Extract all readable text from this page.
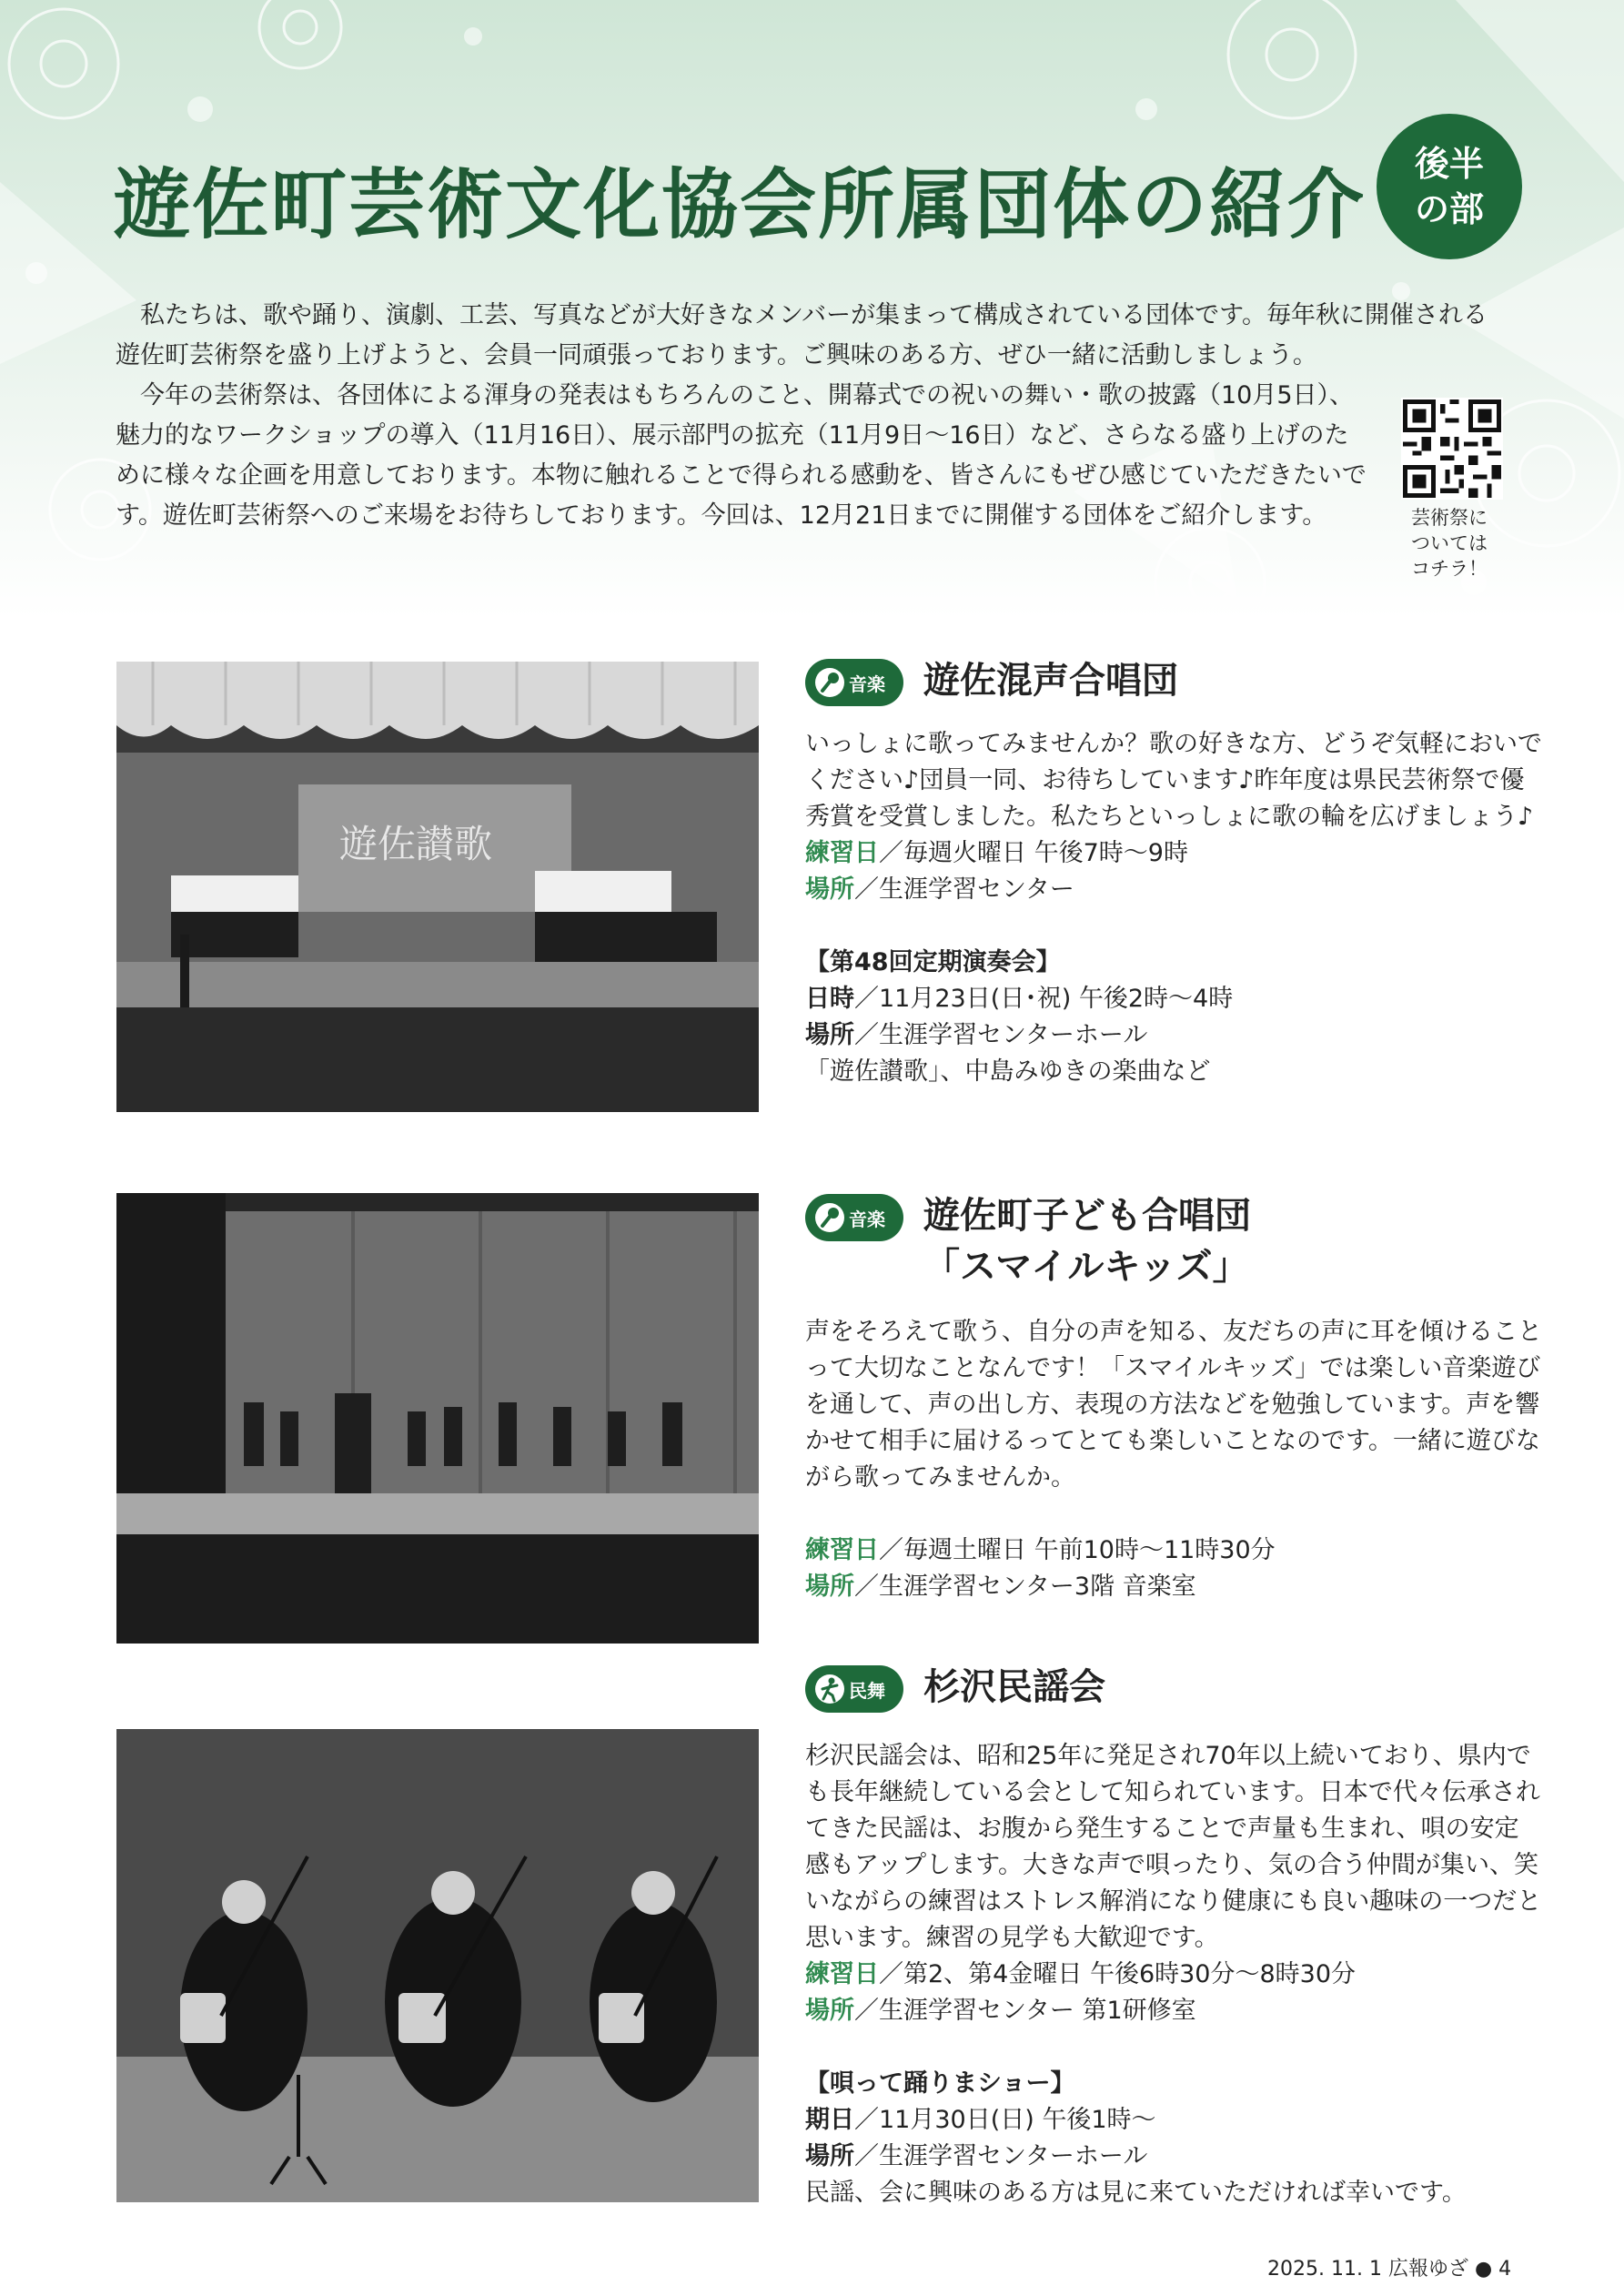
遊佐町芸術文化協会所属団体の紹介	後半
の部

　私たちは、歌や踊り、演劇、工芸、写真などが大好きなメンバーが集まって構成されている団体です。毎年秋に開催される遊佐町芸術祭を盛り上げようと、会員一同頑張っております。ご興味のある方、ぜひ一緒に活動しましょう。

　今年の芸術祭は、各団体による渾身の発表はもちろんのこと、開幕式での祝いの舞い・歌の披露（10月5日）、魅力的なワークショップの導入（11月16日）、展示部門の拡充（11月9日〜16日）など、さらなる盛り上げのために様々な企画を用意しております。本物に触れることで得られる感動を、皆さんにもぜひ感じていただきたいです。遊佐町芸術祭へのご来場をお待ちしております。今回は、12月21日までに開催する団体をご紹介します。	芸術祭に
ついては
コチラ！
遊佐讃歌
音楽 遊佐混声合唱団

いっしょに歌ってみませんか？歌の好きな方、どうぞ気軽においでください♪団員一同、お待ちしています♪昨年度は県民芸術祭で優秀賞を受賞しました。私たちといっしょに歌の輪を広げましょう♪

練習日／毎週火曜日 午後7時〜9時

場所／生涯学習センター

【第48回定期演奏会】

日時／11月23日(日･祝) 午後2時〜4時

場所／生涯学習センターホール

「遊佐讃歌」、中島みゆきの楽曲など

音楽 遊佐町子ども合唱団
「スマイルキッズ」

声をそろえて歌う、自分の声を知る、友だちの声に耳を傾けることって大切なことなんです！「スマイルキッズ」では楽しい音楽遊びを通して、声の出し方、表現の方法などを勉強しています。声を響かせて相手に届けるってとても楽しいことなのです。一緒に遊びながら歌ってみませんか。

練習日／毎週土曜日 午前10時〜11時30分

場所／生涯学習センター3階 音楽室

民舞 杉沢民謡会

杉沢民謡会は、昭和25年に発足され70年以上続いており、県内でも長年継続している会として知られています。日本で代々伝承されてきた民謡は、お腹から発生することで声量も生まれ、唄の安定感もアップします。大きな声で唄ったり、気の合う仲間が集い、笑いながらの練習はストレス解消になり健康にも良い趣味の一つだと思います。練習の見学も大歓迎です。

練習日／第2、第4金曜日 午後6時30分〜8時30分

場所／生涯学習センター 第1研修室

【唄って踊りまショー】

期日／11月30日(日) 午後1時〜

場所／生涯学習センターホール

民謡、会に興味のある方は見に来ていただければ幸いです。

2025. 11. 1 広報ゆざ ● 4
